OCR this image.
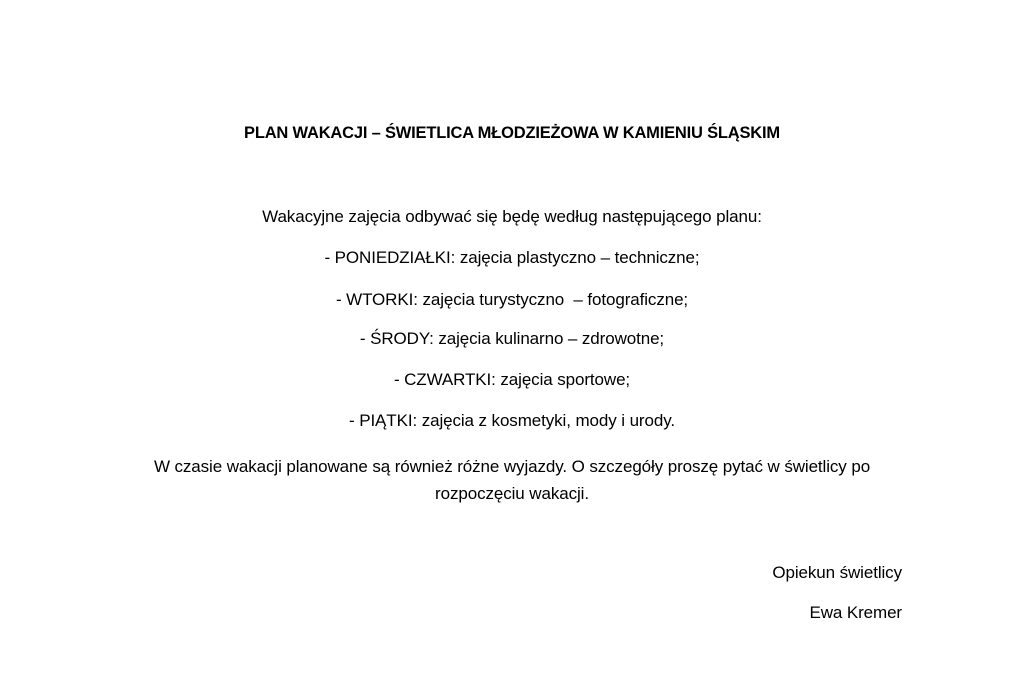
PLAN WAKACJI – ŚWIETLICA MŁODZIEŻOWA W KAMIENIU ŚLĄSKIM
Wakacyjne zajęcia odbywać się będę według następującego planu:
- PONIEDZIAŁKI: zajęcia plastyczno – techniczne;
- WTORKI: zajęcia turystyczno  – fotograficzne;
- ŚRODY: zajęcia kulinarno – zdrowotne;
- CZWARTKI: zajęcia sportowe;
- PIĄTKI: zajęcia z kosmetyki, mody i urody.
W czasie wakacji planowane są również różne wyjazdy. O szczegóły proszę pytać w świetlicy po rozpoczęciu wakacji.
Opiekun świetlicy
Ewa Kremer
